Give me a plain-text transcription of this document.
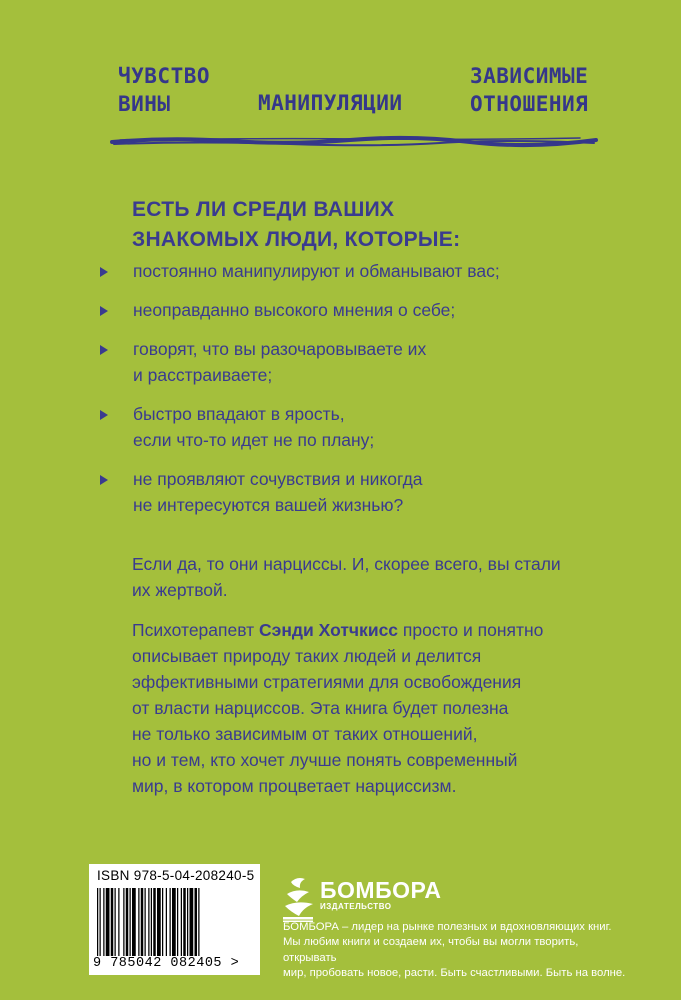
ЧУВСТВО
ВИНЫ	МАНИПУЛЯЦИИ
ЗАВИСИМЫЕ
ОТНОШЕНИЯ
ЕСТЬ ЛИ СРЕДИ ВАШИХ
ЗНАКОМЫХ ЛЮДИ, КОТОРЫЕ:
постоянно манипулируют и обманывают вас;
неоправданно высокого мнения о себе;
говорят, что вы разочаровываете их
и расстраиваете;
быстро впадают в ярость,
если что-то идет не по плану;
не проявляют сочувствия и никогда
не интересуются вашей жизнью?
Если да, то они нарциссы. И, скорее всего, вы стали
их жертвой.
Психотерапевт Сэнди Хотчкисс просто и понятно
описывает природу таких людей и делится
эффективными стратегиями для освобождения
от власти нарциссов. Эта книга будет полезна
не только зависимым от таких отношений,
но и тем, кто хочет лучше понять современный
мир, в котором процветает нарциссизм.
ISBN 978-5-04-208240-5
9 785042 082405 >
БОМБОРА
ИЗДАТЕЛЬСТВО
БОМБОРА – лидер на рынке полезных и вдохновляющих книг.
Мы любим книги и создаем их, чтобы вы могли творить, открывать
мир, пробовать новое, расти. Быть счастливыми. Быть на волне.
